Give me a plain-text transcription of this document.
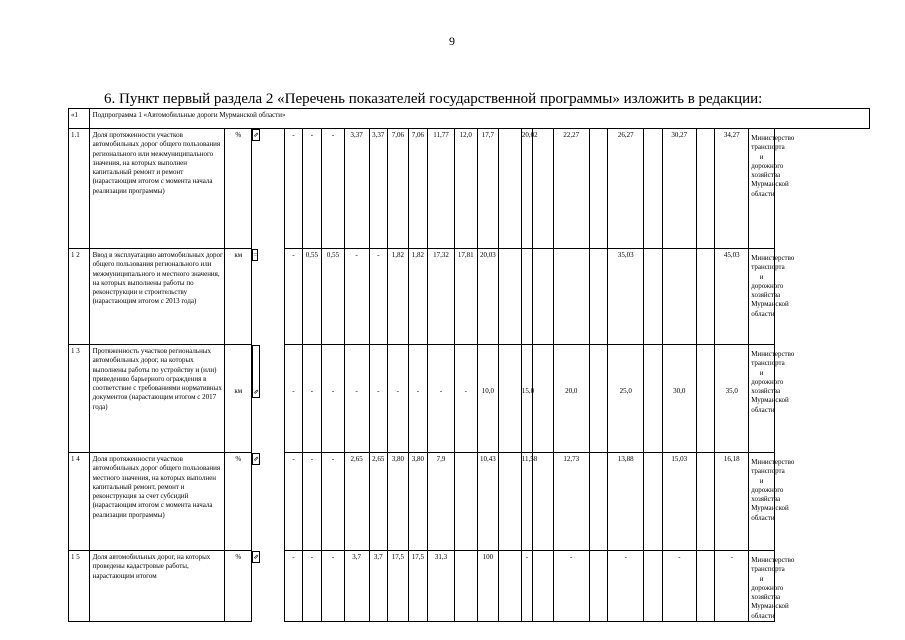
9
6. Пункт первый раздела 2 «Перечень показателей государственной программы» изложить в редакции:
«1	Подпрограмма 1 «Автомобильные дороги Мурманской области»																						
1.1	Доля протяженности участков автомобильных дорог общего пользования регионального или межмуниципального значения, на которых выполнен капитальный ремонт и ремонт (нарастающим итогом с момента начала реализации программы)	%	⇗	-	-	-	3,37	3,37	7,06	7,06	11,77	12,0	17,7		20,02		22,27		26,27		30,27		34,27	Министерство транспорта и дорожного хозяйства Мурманской области
1 2	Ввод в эксплуатацию автомобильных дорог общего пользования регионального или межмуниципального и местного значения, на которых выполнены работы по реконструкции и строительству (нарастающим итогом с 2013 года)	км	=	-	0,55	0,55	-	-	1,82	1,82	17,32	17,81	20,03						35,03				45,03	Министерство транспорта и дорожного хозяйства Мурманской области
1 3	Протяженность участков региональных автомобильных дорог, на которых выполнены работы по устройству и (или) приведению барьерного ограждения в соответствие с требованиями нормативных документов (нарастающим итогом с 2017 года)	км	⇗	-	-	-	-	-	-	-	-	-	10,0		15,0		20,0		25,0		30,0		35,0	Министерство транспорта и дорожного хозяйства Мурманской области
1 4	Доля протяженности участков автомобильных дорог общего пользования местного значения, на которых выполнен капитальный ремонт, ремонт и реконструкция за счет субсидий (нарастающим итогом с момента начала реализации программы)	%	⇗	-	-	-	2,65	2,65	3,80	3,80	7,9		10,43		11,58		12,73		13,88		15,03		16,18	Министерство транспорта и дорожного хозяйства Мурманской области
1 5	Доля автомобильных дорог, на которых проведены кадастровые работы, нарастающим итогом	%	⇗	-	-	-	3,7	3,7	17,5	17,5	31,3		100		-		-		-		-		-	Министерство транспорта и дорожного хозяйства Мурманской области
